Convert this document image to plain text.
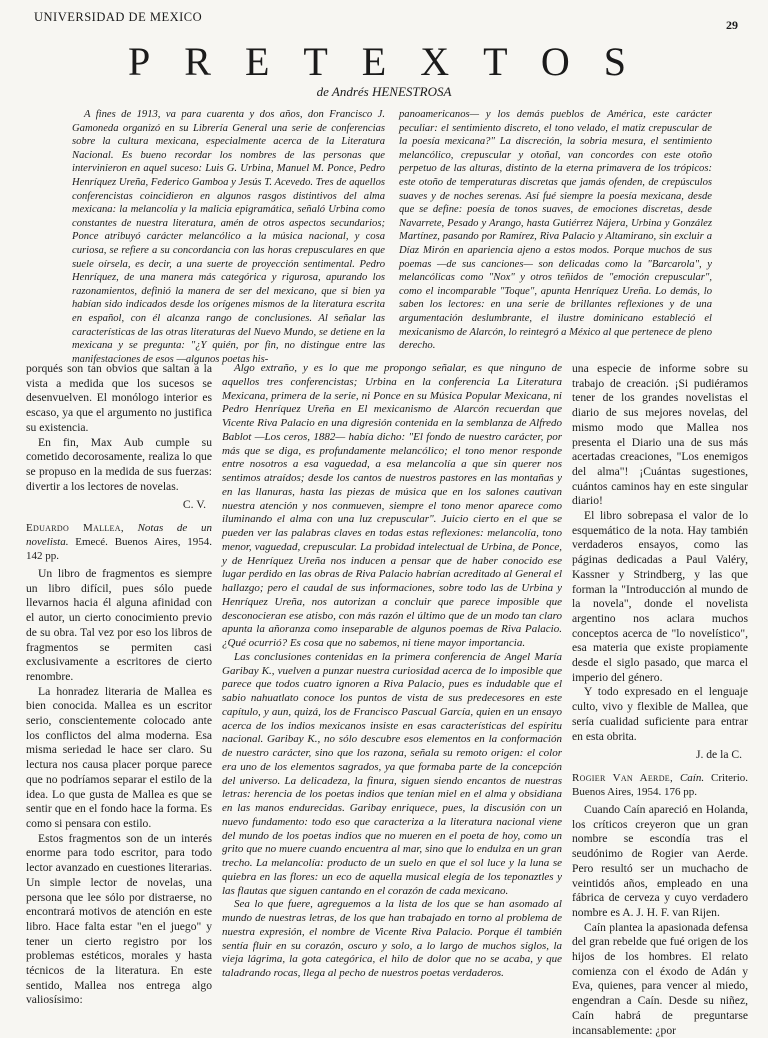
UNIVERSIDAD DE MEXICO
29
PRETEXTOS
de Andrés HENESTROSA

A fines de 1913, va para cuarenta y dos años, don Francisco J. Gamoneda organizó en su Librería General una serie de conferencias sobre la cultura mexicana, especialmente acerca de la Literatura Nacional. Es bueno recordar los nombres de las personas que intervinieron en aquel suceso: Luis G. Urbina, Manuel M. Ponce, Pedro Henríquez Ureña, Federico Gamboa y Jesús T. Acevedo. Tres de aquellos conferencistas coincidieron en algunos rasgos distintivos del alma mexicana: la melancolía y la malicia epigramática, señaló Urbina como constantes de nuestra literatura, amén de otros aspectos secundarios; Ponce atribuyó carácter melancólico a la música nacional, y cosa curiosa, se refiere a su concordancia con las horas crepusculares en que suele oírsela, es decir, a una suerte de proyección sentimental. Pedro Henríquez, de una manera más categórica y rigurosa, apurando los razonamientos, definió la manera de ser del mexicano, que si bien ya habían sido indicados desde los orígenes mismos de la literatura escrita en español, con él alcanza rango de conclusiones. Al señalar las características de las otras literaturas del Nuevo Mundo, se detiene en la mexicana y se pregunta: "¿Y quién, por fin, no distingue entre las manifestaciones de esos —algunos poetas his-

panoamericanos— y los demás pueblos de América, este carácter peculiar: el sentimiento discreto, el tono velado, el matiz crepuscular de la poesía mexicana?" La discreción, la sobria mesura, el sentimiento melancólico, crepuscular y otoñal, van concordes con este otoño perpetuo de las alturas, distinto de la eterna primavera de los trópicos: este otoño de temperaturas discretas que jamás ofenden, de crepúsculos suaves y de noches serenas. Así fué siempre la poesía mexicana, desde que se define: poesía de tonos suaves, de emociones discretas, desde Navarrete, Pesado y Arango, hasta Gutiérrez Nájera, Urbina y González Martínez, pasando por Ramírez, Riva Palacio y Altamirano, sin excluir a Díaz Mirón en apariencia ajeno a estos modos. Porque muchos de sus poemas —de sus canciones— son delicadas como la "Barcarola", y melancólicas como "Nox" y otros teñidos de "emoción crepuscular", como el incomparable "Toque", apunta Henríquez Ureña. Lo demás, lo saben los lectores: en una serie de brillantes reflexiones y de una argumentación deslumbrante, el ilustre dominicano estableció el mexicanismo de Alarcón, lo reintegró a México al que pertenece de pleno derecho.

porqués son tan obvios que saltan a la vista a medida que los sucesos se desenvuelven. El monólogo interior es escaso, ya que el argumento no justifica su existencia.

En fin, Max Aub cumple su cometido decorosamente, realiza lo que se propuso en la medida de sus fuerzas: divertir a los lectores de novelas.

C. V.

Eduardo Mallea, Notas de un novelista. Emecé. Buenos Aires, 1954. 142 pp.

Un libro de fragmentos es siempre un libro difícil, pues sólo puede llevarnos hacia él alguna afinidad con el autor, un cierto conocimiento previo de su obra. Tal vez por eso los libros de fragmentos se permiten casi exclusivamente a escritores de cierto renombre.

La honradez literaria de Mallea es bien conocida. Mallea es un escritor serio, conscientemente colocado ante los conflictos del alma moderna. Esa misma seriedad le hace ser claro. Su lectura nos causa placer porque parece que no podríamos separar el estilo de la idea. Lo que gusta de Mallea es que se sentir que en el fondo hace la forma. Es como si pensara con estilo.

Estos fragmentos son de un interés enorme para todo escritor, para todo lector avanzado en cuestiones literarias. Un simple lector de novelas, una persona que lee sólo por distraerse, no encontrará motivos de atención en este libro. Hace falta estar "en el juego" y tener un cierto registro por los problemas estéticos, morales y hasta técnicos de la literatura. En este sentido, Mallea nos entrega algo valiosísimo:

Algo extraño, y es lo que me propongo señalar, es que ninguno de aquellos tres conferencistas; Urbina en la conferencia La Literatura Mexicana, primera de la serie, ni Ponce en su Música Popular Mexicana, ni Pedro Henríquez Ureña en El mexicanismo de Alarcón recuerdan que Vicente Riva Palacio en una digresión contenida en la semblanza de Alfredo Bablot —Los ceros, 1882— había dicho: "El fondo de nuestro carácter, por más que se diga, es profundamente melancólico; el tono menor responde entre nosotros a esa vaguedad, a esa melancolía a que sin querer nos sentimos atraídos; desde los cantos de nuestros pastores en las montañas y en las llanuras, hasta las piezas de música que en los salones cautivan nuestra atención y nos conmueven, siempre el tono menor aparece como iluminando el alma con una luz crepuscular". Juicio cierto en el que se pueden ver las palabras claves en todas estas reflexiones: melancolía, tono menor, vaguedad, crepuscular. La probidad intelectual de Urbina, de Ponce, y de Henríquez Ureña nos inducen a pensar que de haber conocido ese lugar perdido en las obras de Riva Palacio habrían acreditado al General el hallazgo; pero el caudal de sus informaciones, sobre todo las de Urbina y Henríquez Ureña, nos autorizan a concluir que parece imposible que desconocieran ese atisbo, con más razón el último que de un modo tan claro apunta la añoranza como inseparable de algunos poemas de Riva Palacio. ¿Qué ocurrió? Es cosa que no sabemos, ni tiene mayor importancia.

Las conclusiones contenidas en la primera conferencia de Angel María Garibay K., vuelven a punzar nuestra curiosidad acerca de lo imposible que parece que todos cuatro ignoren a Riva Palacio, pues es indudable que el sabio nahuatlato conoce los puntos de vista de sus predecesores en este capítulo, y aun, quizá, los de Francisco Pascual García, quien en un ensayo acerca de los indios mexicanos insiste en esas características del espíritu nacional. Garibay K., no sólo descubre esos elementos en la conformación de nuestro carácter, sino que los razona, señala su remoto origen: el color era uno de los elementos sagrados, ya que formaba parte de la concepción del universo. La delicadeza, la finura, siguen siendo encantos de nuestras letras: herencia de los poetas indios que tenían miel en el alma y obsidiana en las manos endurecidas. Garibay enriquece, pues, la discusión con un nuevo fundamento: todo eso que caracteriza a la literatura nacional viene del mundo de los poetas indios que no mueren en el poeta de hoy, como un grito que no muere cuando encuentra al mar, sino que lo endulza en un gran trecho. La melancolía: producto de un suelo en que el sol luce y la luna se quiebra en las flores: un eco de aquella musical elegía de los teponaztles y las flautas que siguen cantando en el corazón de cada mexicano.

Sea lo que fuere, agreguemos a la lista de los que se han asomado al mundo de nuestras letras, de los que han trabajado en torno al problema de nuestra expresión, el nombre de Vicente Riva Palacio. Porque él también sentía fluir en su corazón, oscuro y solo, a lo largo de muchos siglos, la vieja lágrima, la gota categórica, el hilo de dolor que no se acaba, y que taladrando rocas, llega al pecho de nuestros poetas verdaderos.

una especie de informe sobre su trabajo de creación. ¡Si pudiéramos tener de los grandes novelistas el diario de sus mejores novelas, del mismo modo que Mallea nos presenta el Diario una de sus más acertadas creaciones, "Los enemigos del alma"! ¡Cuántas sugestiones, cuántos caminos hay en este singular diario!

El libro sobrepasa el valor de lo esquemático de la nota. Hay también verdaderos ensayos, como las páginas dedicadas a Paul Valéry, Kassner y Strindberg, y las que forman la "Introducción al mundo de la novela", donde el novelista argentino nos aclara muchos conceptos acerca de "lo novelístico", esa materia que existe propiamente desde el siglo pasado, que marca el imperio del género.

Y todo expresado en el lenguaje culto, vivo y flexible de Mallea, que sería cualidad suficiente para entrar en esta obrita.

J. de la C.

Rogier Van Aerde, Caín. Criterio. Buenos Aires, 1954. 176 pp.

Cuando Caín apareció en Holanda, los críticos creyeron que un gran nombre se escondía tras el seudónimo de Rogier van Aerde. Pero resultó ser un muchacho de veintidós años, empleado en una fábrica de cerveza y cuyo verdadero nombre es A. J. H. F. van Rijen.

Caín plantea la apasionada defensa del gran rebelde que fué origen de los hijos de los hombres. El relato comienza con el éxodo de Adán y Eva, quienes, para vencer al miedo, engendran a Caín. Desde su niñez, Caín habrá de preguntarse incansablemente: ¿por
